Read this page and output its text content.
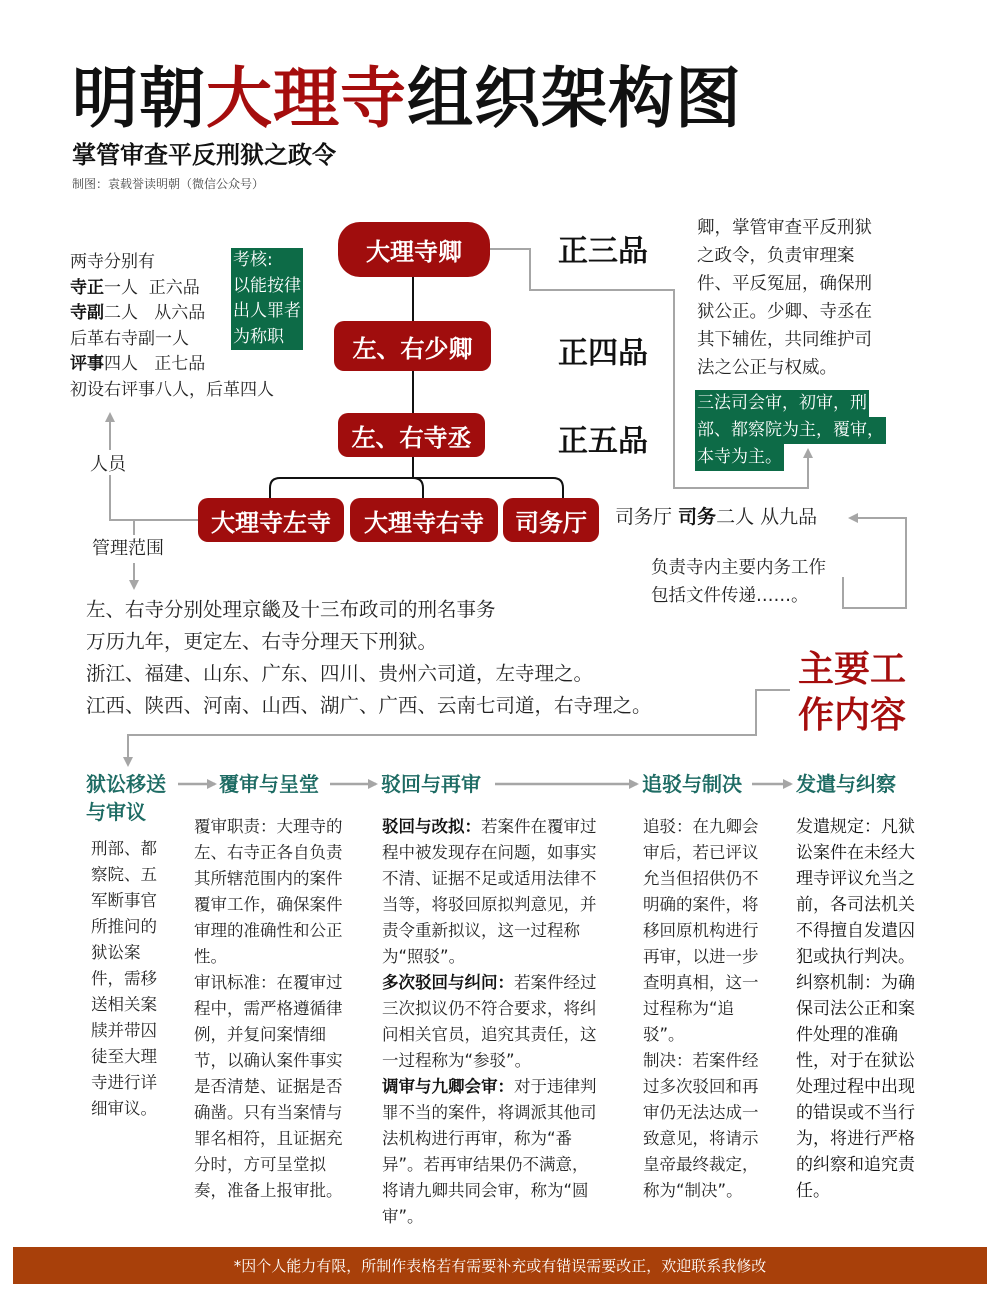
明朝大理寺组织架构图
掌管审查平反刑狱之政令
制图：袁载誉读明朝（微信公众号）
大理寺卿
左、右少卿
左、右寺丞
大理寺左寺	大理寺右寺	司务厅
正三品
正四品
正五品
两寺分别有
寺正一人  正六品
寺副二人   从六品
后革右寺副一人
评事四人   正七品
初设右评事八人，后革四人
人员
考核:
以能按律
出人罪者
为称职
卿，掌管审查平反刑狱
之政令，负责审理案
件、平反冤屈，确保刑
狱公正。少卿、寺丞在
其下辅佐，共同维护司
法之公正与权威。
三法司会审，初审，刑
部、都察院为主，覆审，
本寺为主。
司务厅 司务二人 从九品
负责寺内主要内务工作
包括文件传递……。
管理范围
左、右寺分别处理京畿及十三布政司的刑名事务
万历九年，更定左、右寺分理天下刑狱。
浙江、福建、山东、广东、四川、贵州六司道，左寺理之。
江西、陕西、河南、山西、湖广、广西、云南七司道，右寺理之。
主要工
作内容
狱讼移送
与审议
覆审与呈堂	驳回与再审	追驳与制决	发遣与纠察

刑部、都

察院、五

军断事官

所推问的

狱讼案

件，需移

送相关案

牍并带囚

徒至大理

寺进行详

细审议。

覆审职责：大理寺的

左、右寺正各自负责

其所辖范围内的案件

覆审工作，确保案件

审理的准确性和公正

性。

审讯标准：在覆审过

程中，需严格遵循律

例，并复问案情细

节，以确认案件事实

是否清楚、证据是否

确凿。只有当案情与

罪名相符，且证据充

分时，方可呈堂拟

奏，准备上报审批。

驳回与改拟：若案件在覆审过

程中被发现存在问题，如事实

不清、证据不足或适用法律不

当等，将驳回原拟判意见，并

责令重新拟议，这一过程称

为“照驳”。

多次驳回与纠问：若案件经过

三次拟议仍不符合要求，将纠

问相关官员，追究其责任，这

一过程称为“参驳”。

调审与九卿会审：对于违律判

罪不当的案件，将调派其他司

法机构进行再审，称为“番

异”。若再审结果仍不满意，

将请九卿共同会审，称为“圆

审”。

追驳：在九卿会

审后，若已评议

允当但招供仍不

明确的案件，将

移回原机构进行

再审，以进一步

查明真相，这一

过程称为“追

驳”。

制决：若案件经

过多次驳回和再

审仍无法达成一

致意见，将请示

皇帝最终裁定，

称为“制决”。

发遣规定：凡狱

讼案件在未经大

理寺评议允当之

前，各司法机关

不得擅自发遣囚

犯或执行判决。

纠察机制：为确

保司法公正和案

件处理的准确

性，对于在狱讼

处理过程中出现

的错误或不当行

为，将进行严格

的纠察和追究责

任。

*因个人能力有限，所制作表格若有需要补充或有错误需要改正，欢迎联系我修改
